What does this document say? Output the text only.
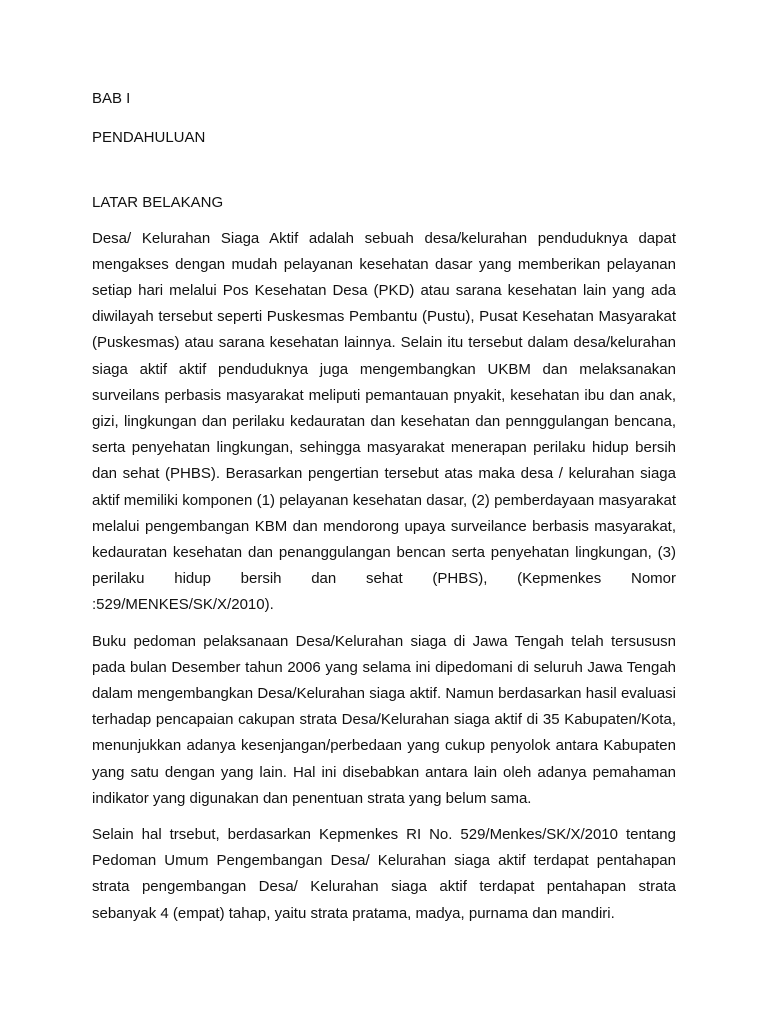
BAB I

PENDAHULUAN

LATAR BELAKANG

Desa/ Kelurahan Siaga Aktif adalah sebuah desa/kelurahan penduduknya dapat mengakses dengan mudah pelayanan kesehatan dasar yang memberikan pelayanan setiap hari melalui Pos Kesehatan Desa (PKD) atau sarana kesehatan lain yang ada diwilayah tersebut seperti Puskesmas Pembantu (Pustu), Pusat Kesehatan Masyarakat (Puskesmas) atau sarana kesehatan lainnya. Selain itu tersebut dalam desa/kelurahan siaga aktif aktif penduduknya juga mengembangkan UKBM dan melaksanakan surveilans perbasis masyarakat meliputi pemantauan pnyakit, kesehatan ibu dan anak, gizi, lingkungan dan perilaku kedauratan dan kesehatan dan pennggulangan bencana, serta penyehatan lingkungan, sehingga masyarakat menerapan perilaku hidup bersih dan sehat (PHBS). Berasarkan pengertian tersebut atas maka desa / kelurahan siaga aktif memiliki komponen (1) pelayanan kesehatan dasar, (2) pemberdayaan masyarakat melalui pengembangan KBM dan mendorong upaya surveilance berbasis masyarakat, kedauratan kesehatan dan penanggulangan bencan serta penyehatan lingkungan, (3) perilaku hidup bersih dan sehat (PHBS), (Kepmenkes Nomor :529/MENKES/SK/X/2010).

Buku pedoman pelaksanaan Desa/Kelurahan siaga di Jawa Tengah telah tersususn pada bulan Desember tahun 2006 yang selama ini dipedomani di seluruh Jawa Tengah dalam mengembangkan Desa/Kelurahan siaga aktif. Namun berdasarkan hasil evaluasi terhadap pencapaian cakupan strata Desa/Kelurahan siaga aktif di 35 Kabupaten/Kota, menunjukkan adanya kesenjangan/perbedaan yang cukup penyolok antara Kabupaten yang satu dengan yang lain. Hal ini disebabkan antara lain oleh adanya pemahaman indikator yang digunakan dan penentuan strata yang belum sama.

Selain hal trsebut, berdasarkan Kepmenkes RI No. 529/Menkes/SK/X/2010 tentang Pedoman Umum Pengembangan Desa/ Kelurahan siaga aktif terdapat pentahapan strata pengembangan Desa/ Kelurahan siaga aktif terdapat pentahapan strata sebanyak 4 (empat) tahap, yaitu strata pratama, madya, purnama dan mandiri.
